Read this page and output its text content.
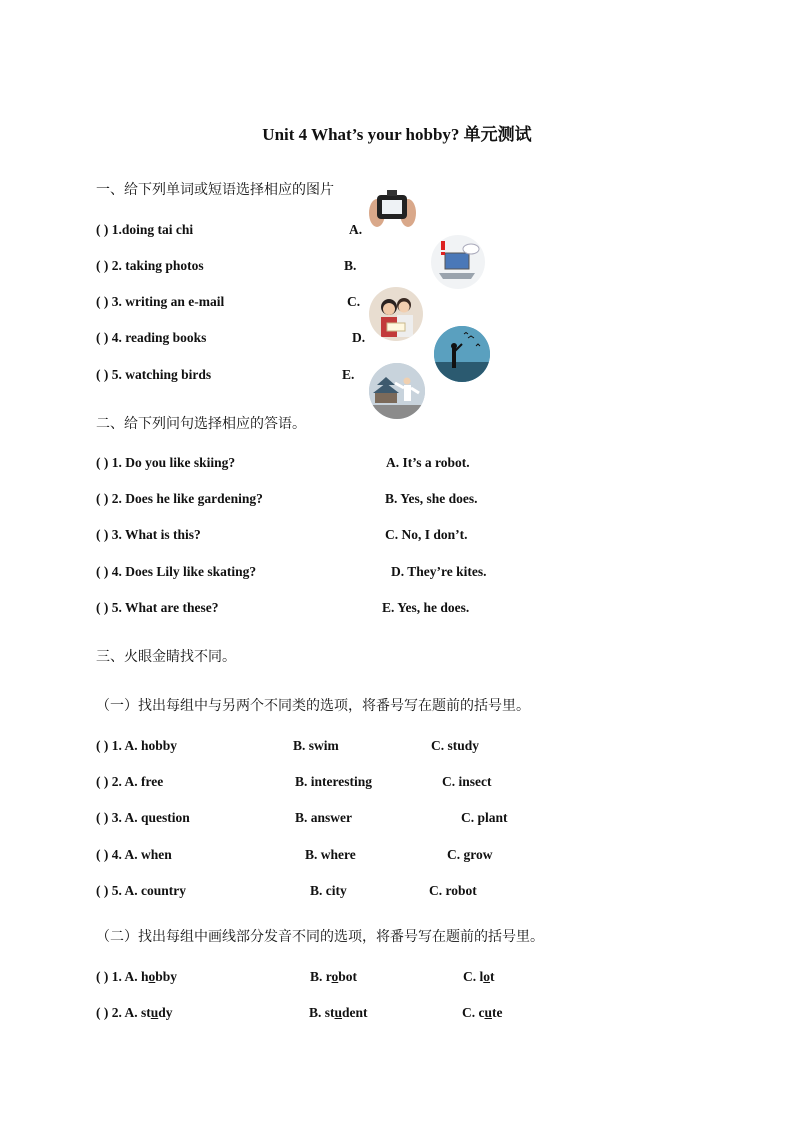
Unit 4 What’s your hobby? 单元测试
一、给下列单词或短语选择相应的图片
( ) 1.doing tai chi	A.
( ) 2. taking photos	B.
( ) 3. writing an e-mail	C.
( ) 4. reading books	D.
( ) 5. watching birds	E.
二、给下列问句选择相应的答语。
( ) 1. Do you like skiing?	A. It’s a robot.
( ) 2. Does he like gardening?	B. Yes, she does.
( ) 3. What is this?	C. No, I don’t.
( ) 4. Does Lily like skating?	D. They’re kites.
( ) 5. What are these?	E. Yes, he does.
三、火眼金睛找不同。
（一）找出每组中与另两个不同类的选项，将番号写在题前的括号里。
( ) 1. A. hobby	B. swim	C. study
( ) 2. A. free	B. interesting	C. insect
( ) 3. A. question	B. answer	C. plant
( ) 4. A. when	B. where	C. grow
( ) 5. A. country	B. city	C. robot
（二）找出每组中画线部分发音不同的选项，将番号写在题前的括号里。
( ) 1. A. hobby	B. robot	C. lot
( ) 2. A. study	B. student	C. cute
